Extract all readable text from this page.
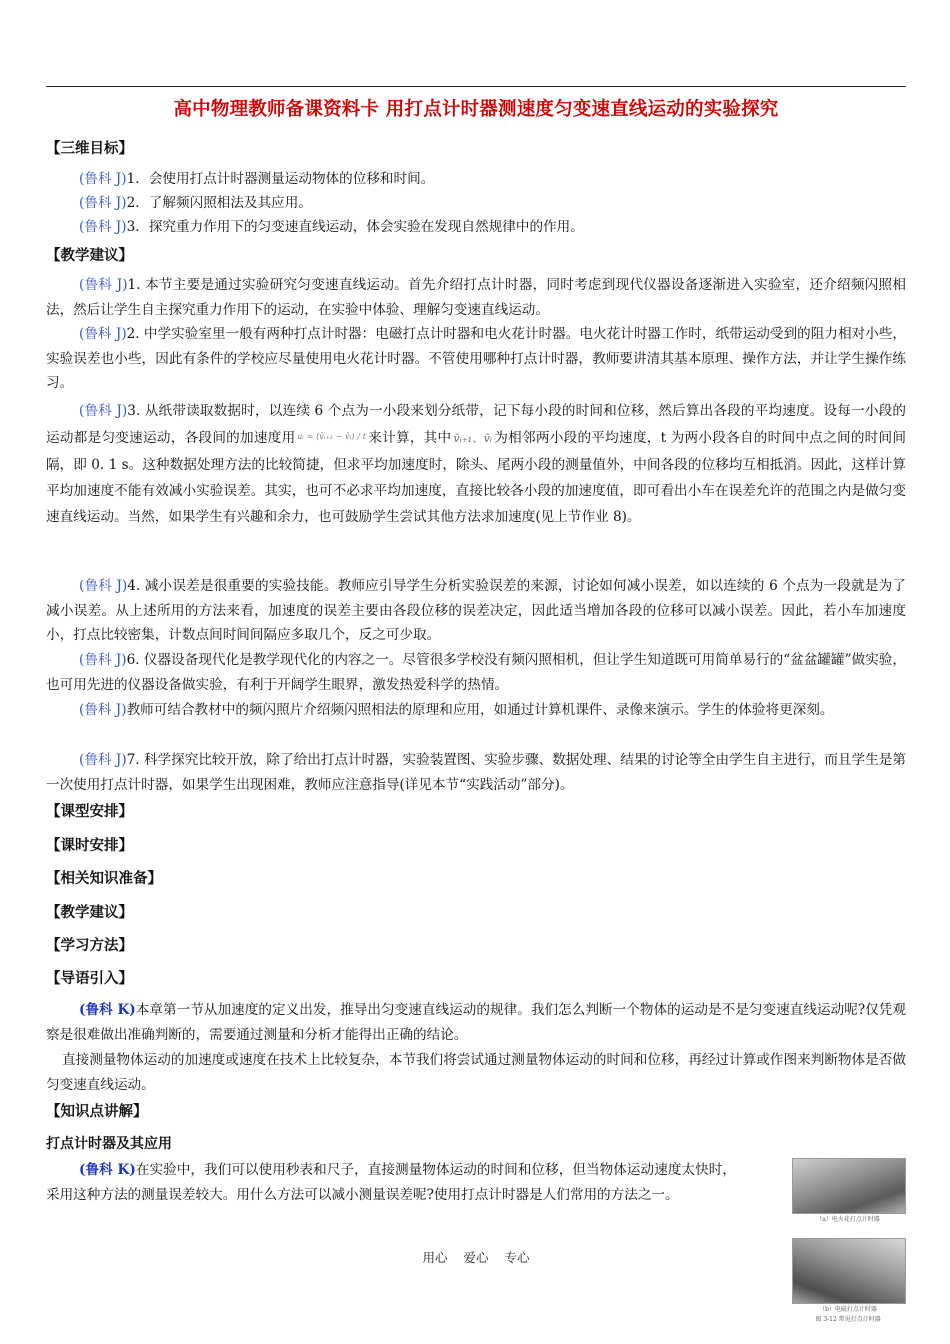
高中物理教师备课资料卡 用打点计时器测速度匀变速直线运动的实验探究
【三维目标】
(鲁科 J)1．会使用打点计时器测量运动物体的位移和时间。
(鲁科 J)2．了解频闪照相法及其应用。
(鲁科 J)3．探究重力作用下的匀变速直线运动，体会实验在发现自然规律中的作用。
【教学建议】
(鲁科 J)1. 本节主要是通过实验研究匀变速直线运动。首先介绍打点计时器，同时考虑到现代仪器设备逐渐进入实验室，还介绍频闪照相法，然后让学生自主探究重力作用下的运动，在实验中体验、理解匀变速直线运动。
(鲁科 J)2. 中学实验室里一般有两种打点计时器：电磁打点计时器和电火花计时器。电火花计时器工作时，纸带运动受到的阻力相对小些，实验误差也小些，因此有条件的学校应尽量使用电火花计时器。不管使用哪种打点计时器，教师要讲清其基本原理、操作方法，并让学生操作练习。
(鲁科 J)3. 从纸带读取数据时，以连续 6 个点为一小段来划分纸带，记下每小段的时间和位移，然后算出各段的平均速度。设每一小段的运动都是匀变速运动，各段间的加速度用 $^{aᵢ = (v̄ᵢ_{+1} - v̄ᵢ) / t}$ 来计算，其中 v̄ᵢ₊₁、v̄ᵢ 为相邻两小段的平均速度，t 为两小段各自的时间中点之间的时间间隔，即 0. 1 s。这种数据处理方法的比较简捷，但求平均加速度时，除头、尾两小段的测量值外，中间各段的位移均互相抵消。因此，这样计算平均加速度不能有效减小实验误差。其实，也可不必求平均加速度，直接比较各小段的加速度值，即可看出小车在误差允许的范围之内是做匀变速直线运动。当然，如果学生有兴趣和余力，也可鼓励学生尝试其他方法求加速度(见上节作业 8)。
(鲁科 J)4. 减小误差是很重要的实验技能。教师应引导学生分析实验误差的来源，讨论如何减小误差，如以连续的 6 个点为一段就是为了减小误差。从上述所用的方法来看，加速度的误差主要由各段位移的误差决定，因此适当增加各段的位移可以减小误差。因此，若小车加速度小，打点比较密集，计数点间时间间隔应多取几个，反之可少取。
(鲁科 J)6. 仪器设备现代化是教学现代化的内容之一。尽管很多学校没有频闪照相机，但让学生知道既可用简单易行的“盆盆罐罐”做实验，也可用先进的仪器设备做实验，有利于开阔学生眼界，激发热爱科学的热情。
(鲁科 J)教师可结合教材中的频闪照片介绍频闪照相法的原理和应用，如通过计算机课件、录像来演示。学生的体验将更深刻。
(鲁科 J)7. 科学探究比较开放，除了给出打点计时器，实验装置图、实验步骤、数据处理、结果的讨论等全由学生自主进行，而且学生是第一次使用打点计时器，如果学生出现困难，教师应注意指导(详见本节“实践活动”部分)。
【课型安排】
【课时安排】
【相关知识准备】
【教学建议】
【学习方法】
【导语引入】
(鲁科 K)本章第一节从加速度的定义出发，推导出匀变速直线运动的规律。我们怎么判断一个物体的运动是不是匀变速直线运动呢?仅凭观察是很难做出准确判断的，需要通过测量和分析才能得出正确的结论。
直接测量物体运动的加速度或速度在技术上比较复杂，本节我们将尝试通过测量物体运动的时间和位移，再经过计算或作图来判断物体是否做匀变速直线运动。
【知识点讲解】
打点计时器及其应用
(鲁科 K)在实验中，我们可以使用秒表和尺子，直接测量物体运动的时间和位移，但当物体运动速度太快时，采用这种方法的测量误差较大。用什么方法可以减小测量误差呢?使用打点计时器是人们常用的方法之一。
（a）电火花打点计时器
（b）电磁打点计时器
图 3-12 常见打点计时器
用心 爱心 专心
